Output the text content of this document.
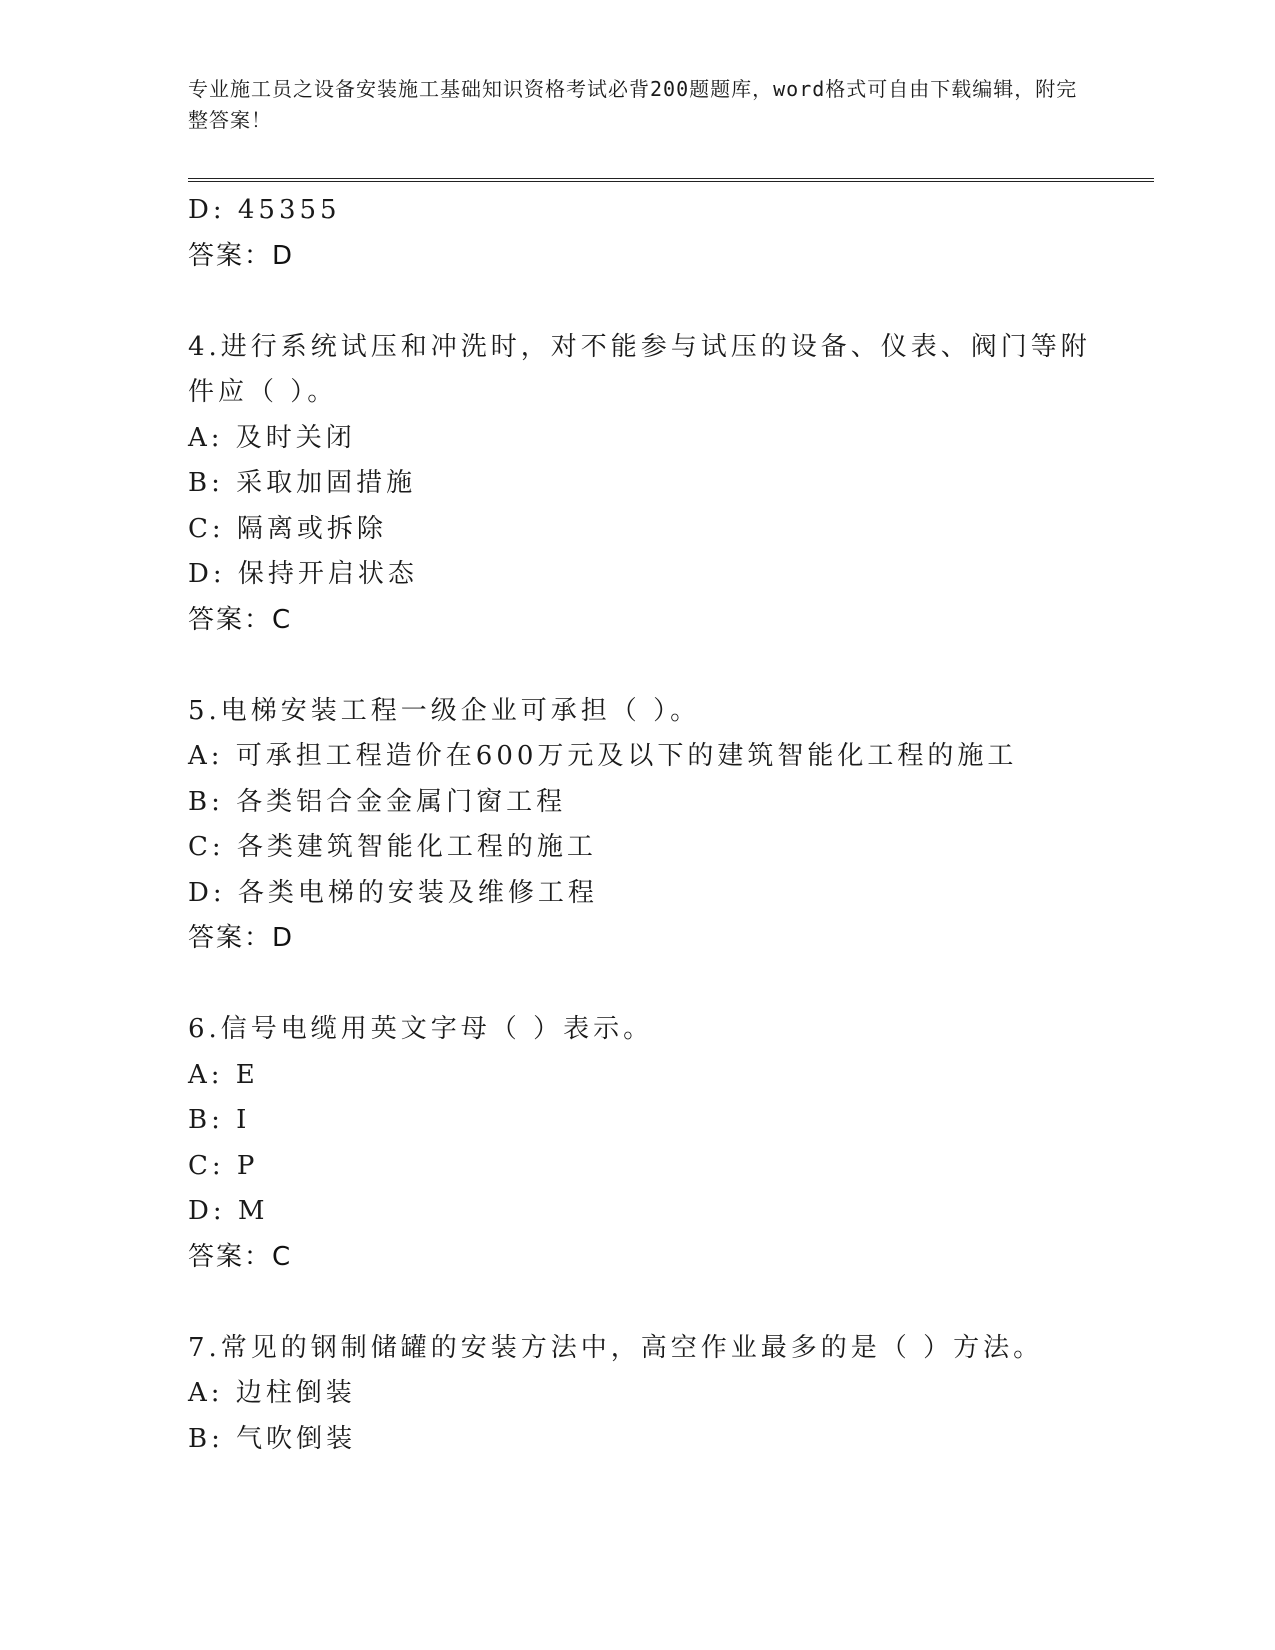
专业施工员之设备安装施工基础知识资格考试必背200题题库，word格式可自由下载编辑，附完整答案！
D: 45355
答案：D
4.进行系统试压和冲洗时，对不能参与试压的设备、仪表、阀门等附
件应（ ）。
A: 及时关闭
B: 采取加固措施
C: 隔离或拆除
D: 保持开启状态
答案：C
5.电梯安装工程一级企业可承担（ ）。
A: 可承担工程造价在600万元及以下的建筑智能化工程的施工
B: 各类铝合金金属门窗工程
C: 各类建筑智能化工程的施工
D: 各类电梯的安装及维修工程
答案：D
6.信号电缆用英文字母（ ）表示。
A: E
B: I
C: P
D: M
答案：C
7.常见的钢制储罐的安装方法中，高空作业最多的是（ ）方法。
A: 边柱倒装
B: 气吹倒装
